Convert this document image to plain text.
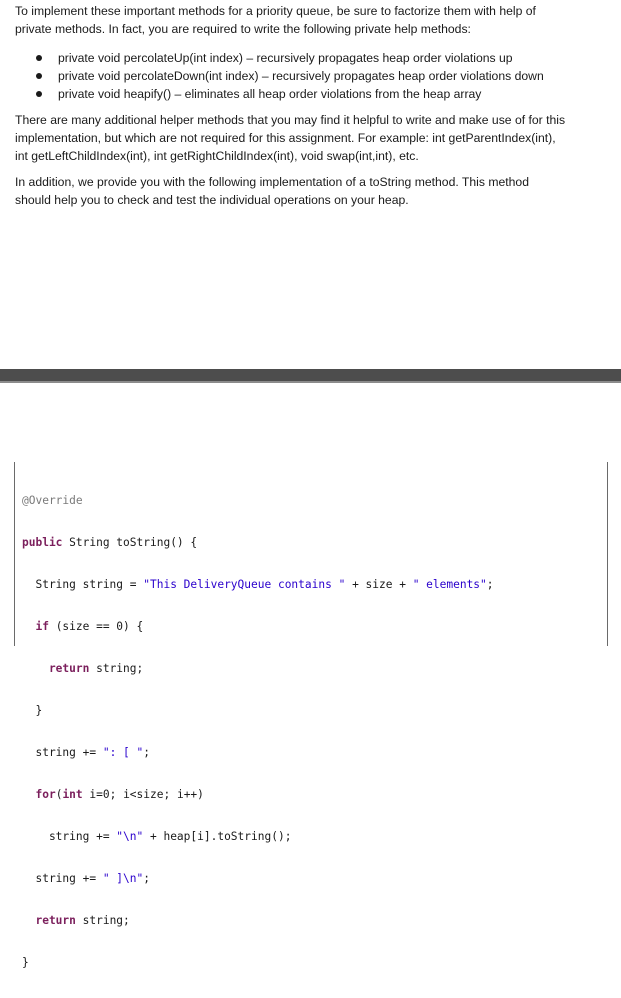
To implement these important methods for a priority queue, be sure to factorize them with help of
private methods. In fact, you are required to write the following private help methods:
private void percolateUp(int index) – recursively propagates heap order violations up
private void percolateDown(int index) – recursively propagates heap order violations down
private void heapify() – eliminates all heap order violations from the heap array
There are many additional helper methods that you may find it helpful to write and make use of for this
implementation, but which are not required for this assignment. For example: int getParentIndex(int),
int getLeftChildIndex(int), int getRightChildIndex(int), void swap(int,int), etc.
In addition, we provide you with the following implementation of a toString method. This method
should help you to check and test the individual operations on your heap.

@Override

public String toString() {

String string = "This DeliveryQueue contains " + size + " elements";

if (size == 0) {

return string;

}

string += ": [ ";

for(int i=0; i<size; i++)

string += "\n" + heap[i].toString();

string += " ]\n";

return string;

}
